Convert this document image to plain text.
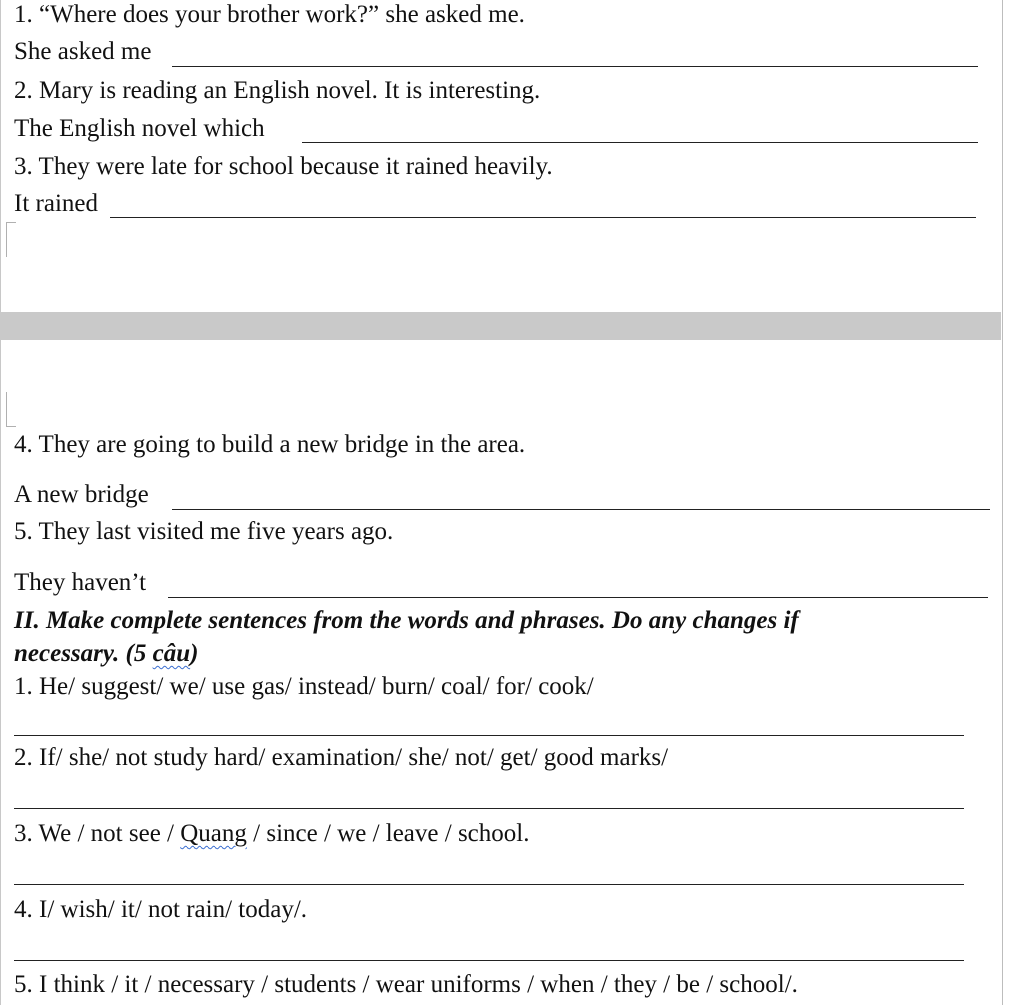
1. “Where does your brother work?” she asked me.
She asked me
2. Mary is reading an English novel. It is interesting.
The English novel which
3. They were late for school because it rained heavily.
It rained
4. They are going to build a new bridge in the area.
A new bridge
5. They last visited me five years ago.
They haven’t
II. Make complete sentences from the words and phrases. Do any changes if
necessary. (5 câu)
1. He/ suggest/ we/ use gas/ instead/ burn/ coal/ for/ cook/
2. If/ she/ not study hard/ examination/ she/ not/ get/ good marks/
3. We / not see / Quang / since / we / leave / school.
4. I/ wish/ it/ not rain/ today/.
5. I think / it / necessary / students / wear uniforms / when / they / be / school/.
